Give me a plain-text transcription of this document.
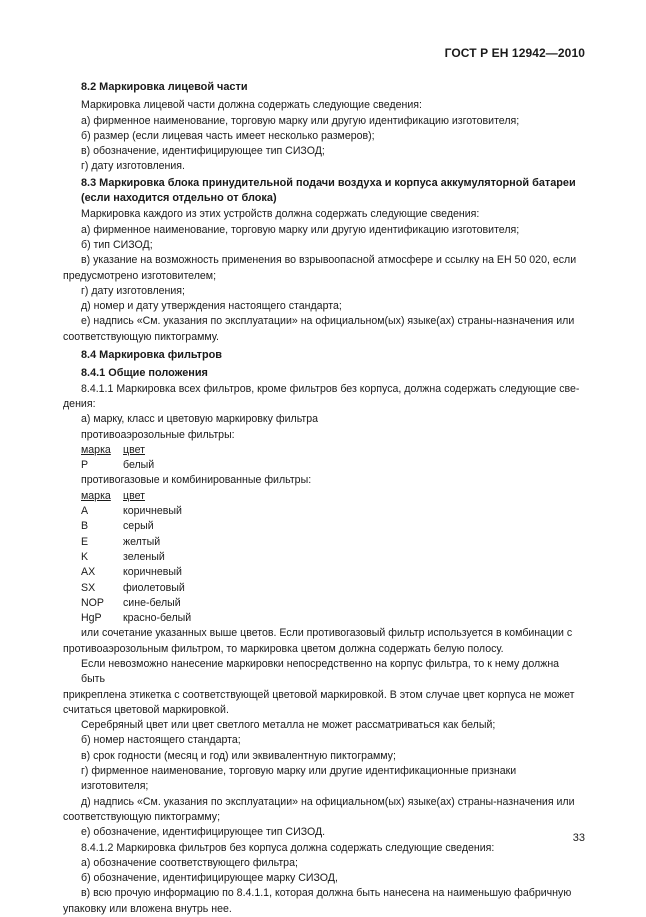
ГОСТ Р ЕН 12942—2010

8.2 Маркировка лицевой части

Маркировка лицевой части должна содержать следующие сведения:

а) фирменное наименование, торговую марку или другую идентификацию изготовителя;

б) размер (если лицевая часть имеет несколько размеров);

в) обозначение, идентифицирующее тип СИЗОД;

г) дату изготовления.

8.3 Маркировка блока принудительной подачи воздуха и корпуса аккумуляторной батареи
(если находится отдельно от блока)

Маркировка каждого из этих устройств должна содержать следующие сведения:

а) фирменное наименование, торговую марку или другую идентификацию изготовителя;

б) тип СИЗОД;

в) указание на возможность применения во взрывоопасной атмосфере и ссылку на ЕН 50 020, если

предусмотрено изготовителем;

г) дату изготовления;

д) номер и дату утверждения настоящего стандарта;

е) надпись «См. указания по эксплуатации» на официальном(ых) языке(ах) страны-назначения или

соответствующую пиктограмму.

8.4 Маркировка фильтров

8.4.1 Общие положения

8.4.1.1 Маркировка всех фильтров, кроме фильтров без корпуса, должна содержать следующие све-

дения:

а) марку, класс и цветовую маркировку фильтра

противоаэрозольные фильтры:

марка	цвет
P	белый

противогазовые и комбинированные фильтры:

марка	цвет
A	коричневый
B	серый
E	желтый
K	зеленый
AX	коричневый
SX	фиолетовый
NOP	сине-белый
HgP	красно-белый

или сочетание указанных выше цветов. Если противогазовый фильтр используется в комбинации с

противоаэрозольным фильтром, то маркировка цветом должна содержать белую полосу.

Если невозможно нанесение маркировки непосредственно на корпус фильтра, то к нему должна быть

прикреплена этикетка с соответствующей цветовой маркировкой. В этом случае цвет корпуса не может

считаться цветовой маркировкой.

Серебряный цвет или цвет светлого металла не может рассматриваться как белый;

б) номер настоящего стандарта;

в) срок годности (месяц и год) или эквивалентную пиктограмму;

г) фирменное наименование, торговую марку или другие идентификационные признаки изготовителя;

д) надпись «См. указания по эксплуатации» на официальном(ых) языке(ах) страны-назначения или

соответствующую пиктограмму;

е) обозначение, идентифицирующее тип СИЗОД.

8.4.1.2 Маркировка фильтров без корпуса должна содержать следующие сведения:

а) обозначение соответствующего фильтра;

б) обозначение, идентифицирующее марку СИЗОД,

в) всю прочую информацию по 8.4.1.1, которая должна быть нанесена на наименьшую фабричную

упаковку или вложена внутрь нее.

33
